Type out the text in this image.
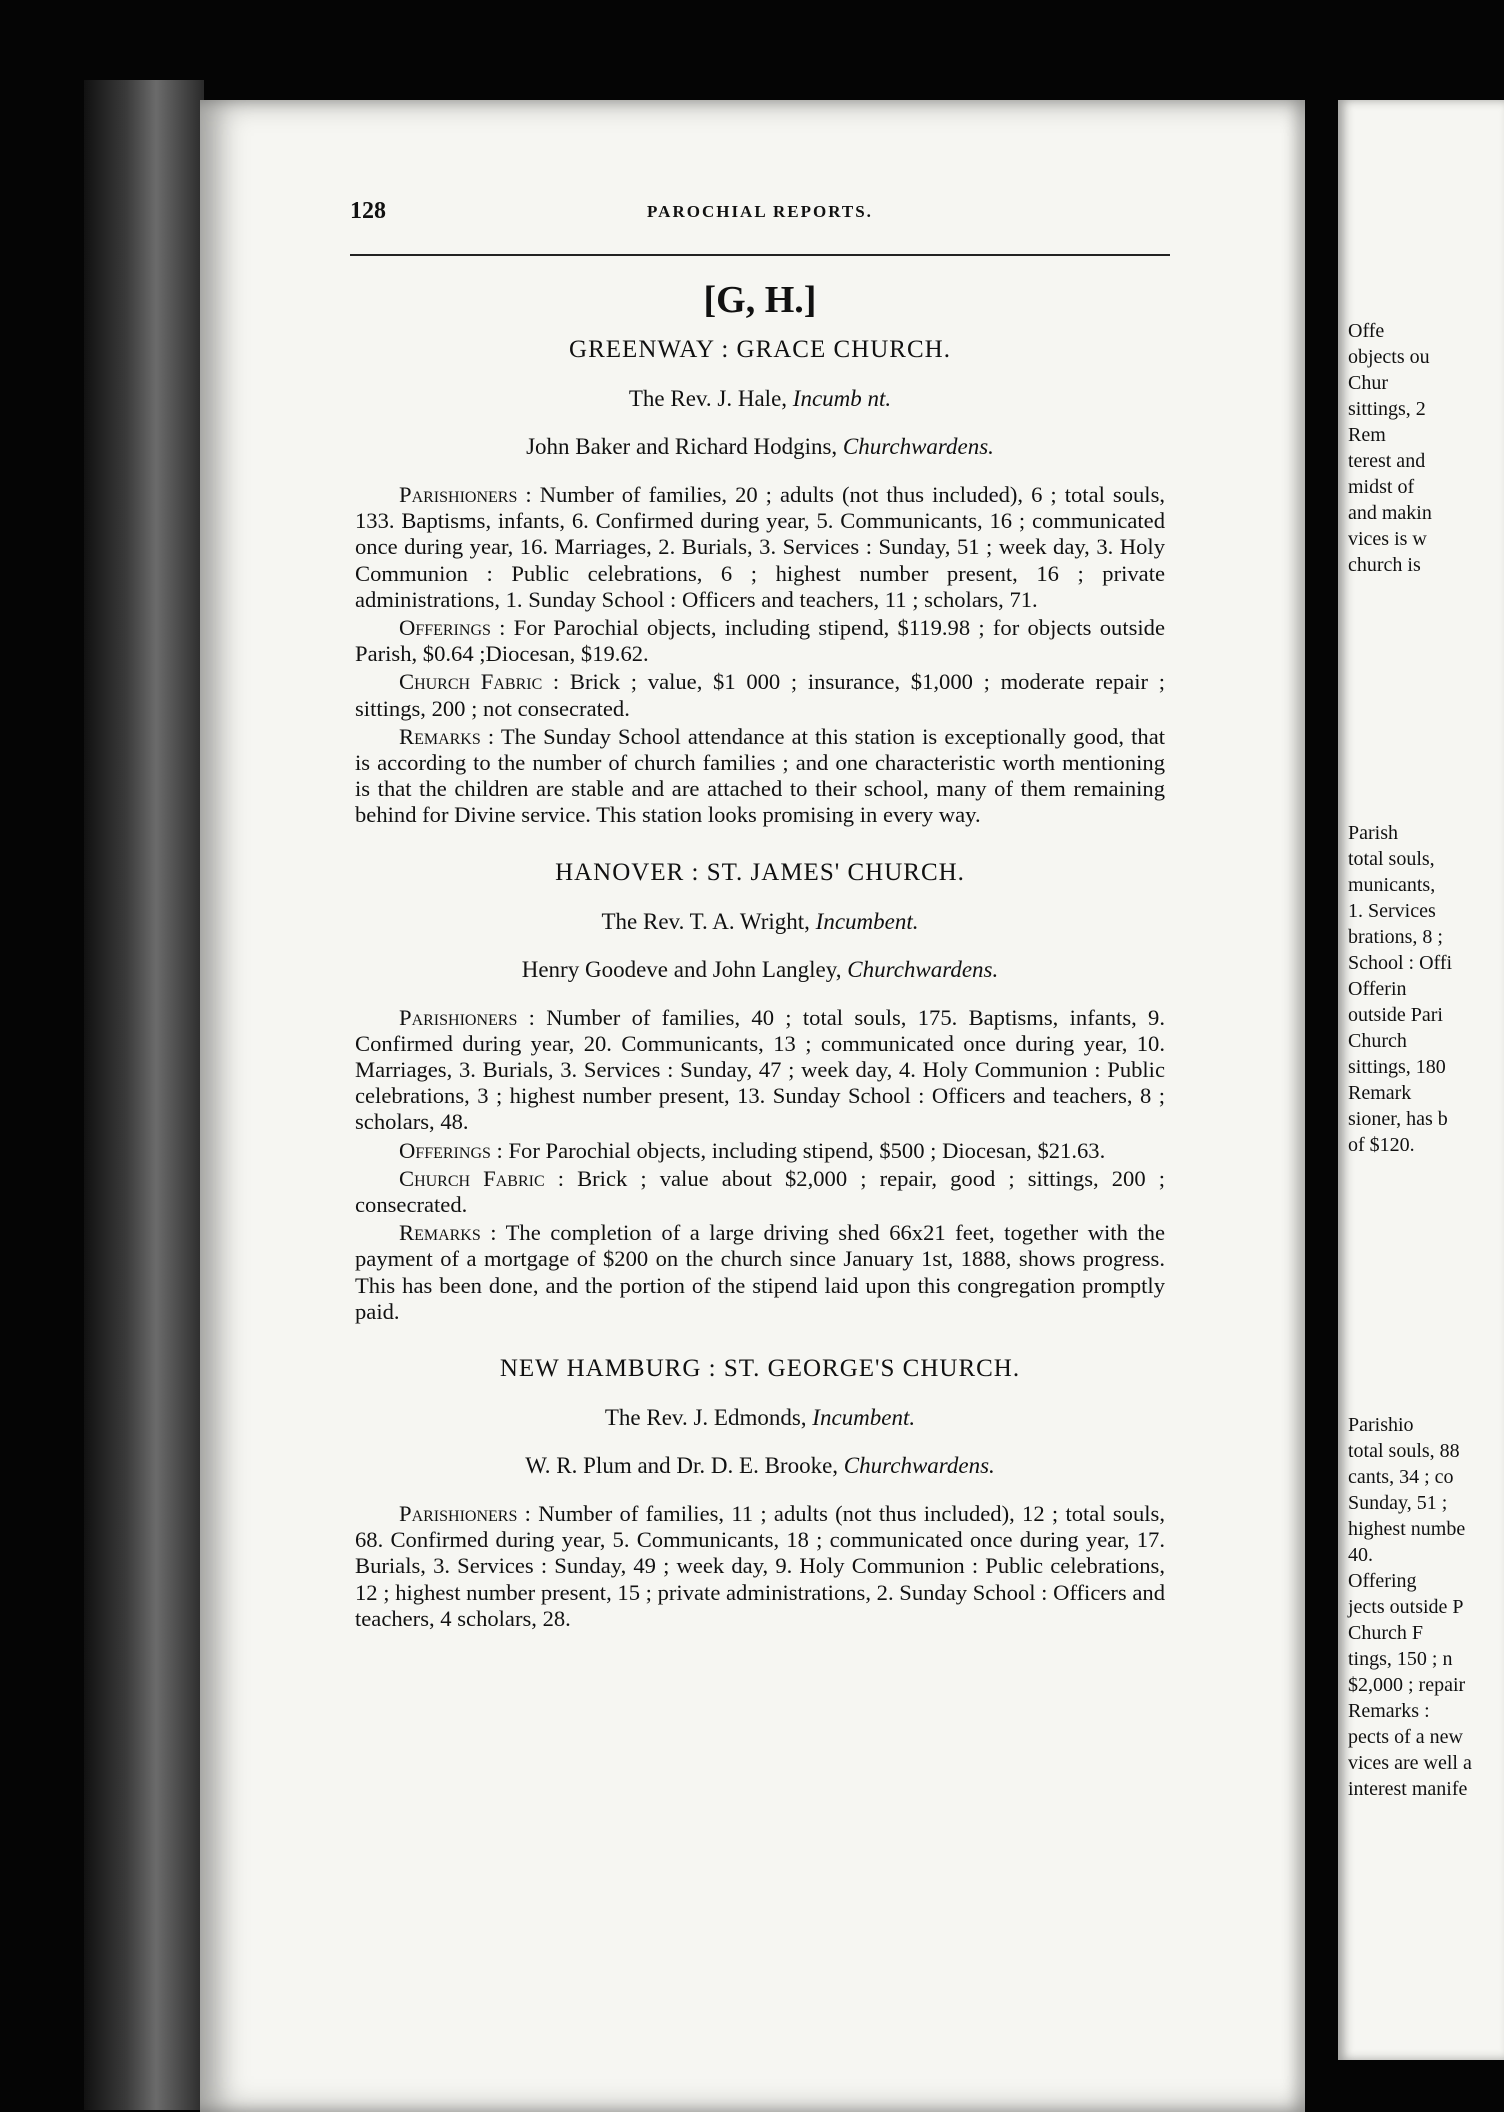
128	PAROCHIAL REPORTS.
[G, H.]
GREENWAY : GRACE CHURCH.
The Rev. J. Hale, Incumb nt.
John Baker and Richard Hodgins, Churchwardens.

Parishioners : Number of families, 20 ; adults (not thus included), 6 ; total souls, 133. Baptisms, infants, 6. Confirmed during year, 5. Communicants, 16 ; communicated once during year, 16. Marriages, 2. Burials, 3. Services : Sunday, 51 ; week day, 3. Holy Communion : Public celebrations, 6 ; highest number present, 16 ; private administrations, 1. Sunday School : Officers and teachers, 11 ; scholars, 71.

Offerings : For Parochial objects, including stipend, $119.98 ; for objects outside Parish, $0.64 ;Diocesan, $19.62.

Church Fabric : Brick ; value, $1 000 ; insurance, $1,000 ; moderate repair ; sittings, 200 ; not consecrated.

Remarks : The Sunday School attendance at this station is exceptionally good, that is according to the number of church families ; and one characteristic worth mentioning is that the children are stable and are attached to their school, many of them remaining behind for Divine service. This station looks promising in every way.

HANOVER : ST. JAMES' CHURCH.
The Rev. T. A. Wright, Incumbent.
Henry Goodeve and John Langley, Churchwardens.

Parishioners : Number of families, 40 ; total souls, 175. Baptisms, infants, 9. Confirmed during year, 20. Communicants, 13 ; communicated once during year, 10. Marriages, 3. Burials, 3. Services : Sunday, 47 ; week day, 4. Holy Communion : Public celebrations, 3 ; highest number present, 13. Sunday School : Officers and teachers, 8 ; scholars, 48.

Offerings : For Parochial objects, including stipend, $500 ; Diocesan, $21.63.

Church Fabric : Brick ; value about $2,000 ; repair, good ; sittings, 200 ; consecrated.

Remarks : The completion of a large driving shed 66x21 feet, together with the payment of a mortgage of $200 on the church since January 1st, 1888, shows progress. This has been done, and the portion of the stipend laid upon this congregation promptly paid.

NEW HAMBURG : ST. GEORGE'S CHURCH.
The Rev. J. Edmonds, Incumbent.
W. R. Plum and Dr. D. E. Brooke, Churchwardens.

Parishioners : Number of families, 11 ; adults (not thus included), 12 ; total souls, 68. Confirmed during year, 5. Communicants, 18 ; communicated once during year, 17. Burials, 3. Services : Sunday, 49 ; week day, 9. Holy Communion : Public celebrations, 12 ; highest number present, 15 ; private administrations, 2. Sunday School : Officers and teachers, 4 scholars, 28.

Offe
objects ou
Chur
sittings, 2
Rem
terest and
midst of
and makin
vices is w
church is
Parish
total souls,
municants,
1. Services
brations, 8 ;
School : Offi
Offerin
outside Pari
Church
sittings, 180
Remark
sioner, has b
of $120.
Parishio
total souls, 88
cants, 34 ; co
Sunday, 51 ;
highest numbe
40.
Offering
jects outside P
Church F
tings, 150 ; n
$2,000 ; repair
Remarks :
pects of a new
vices are well a
interest manife
